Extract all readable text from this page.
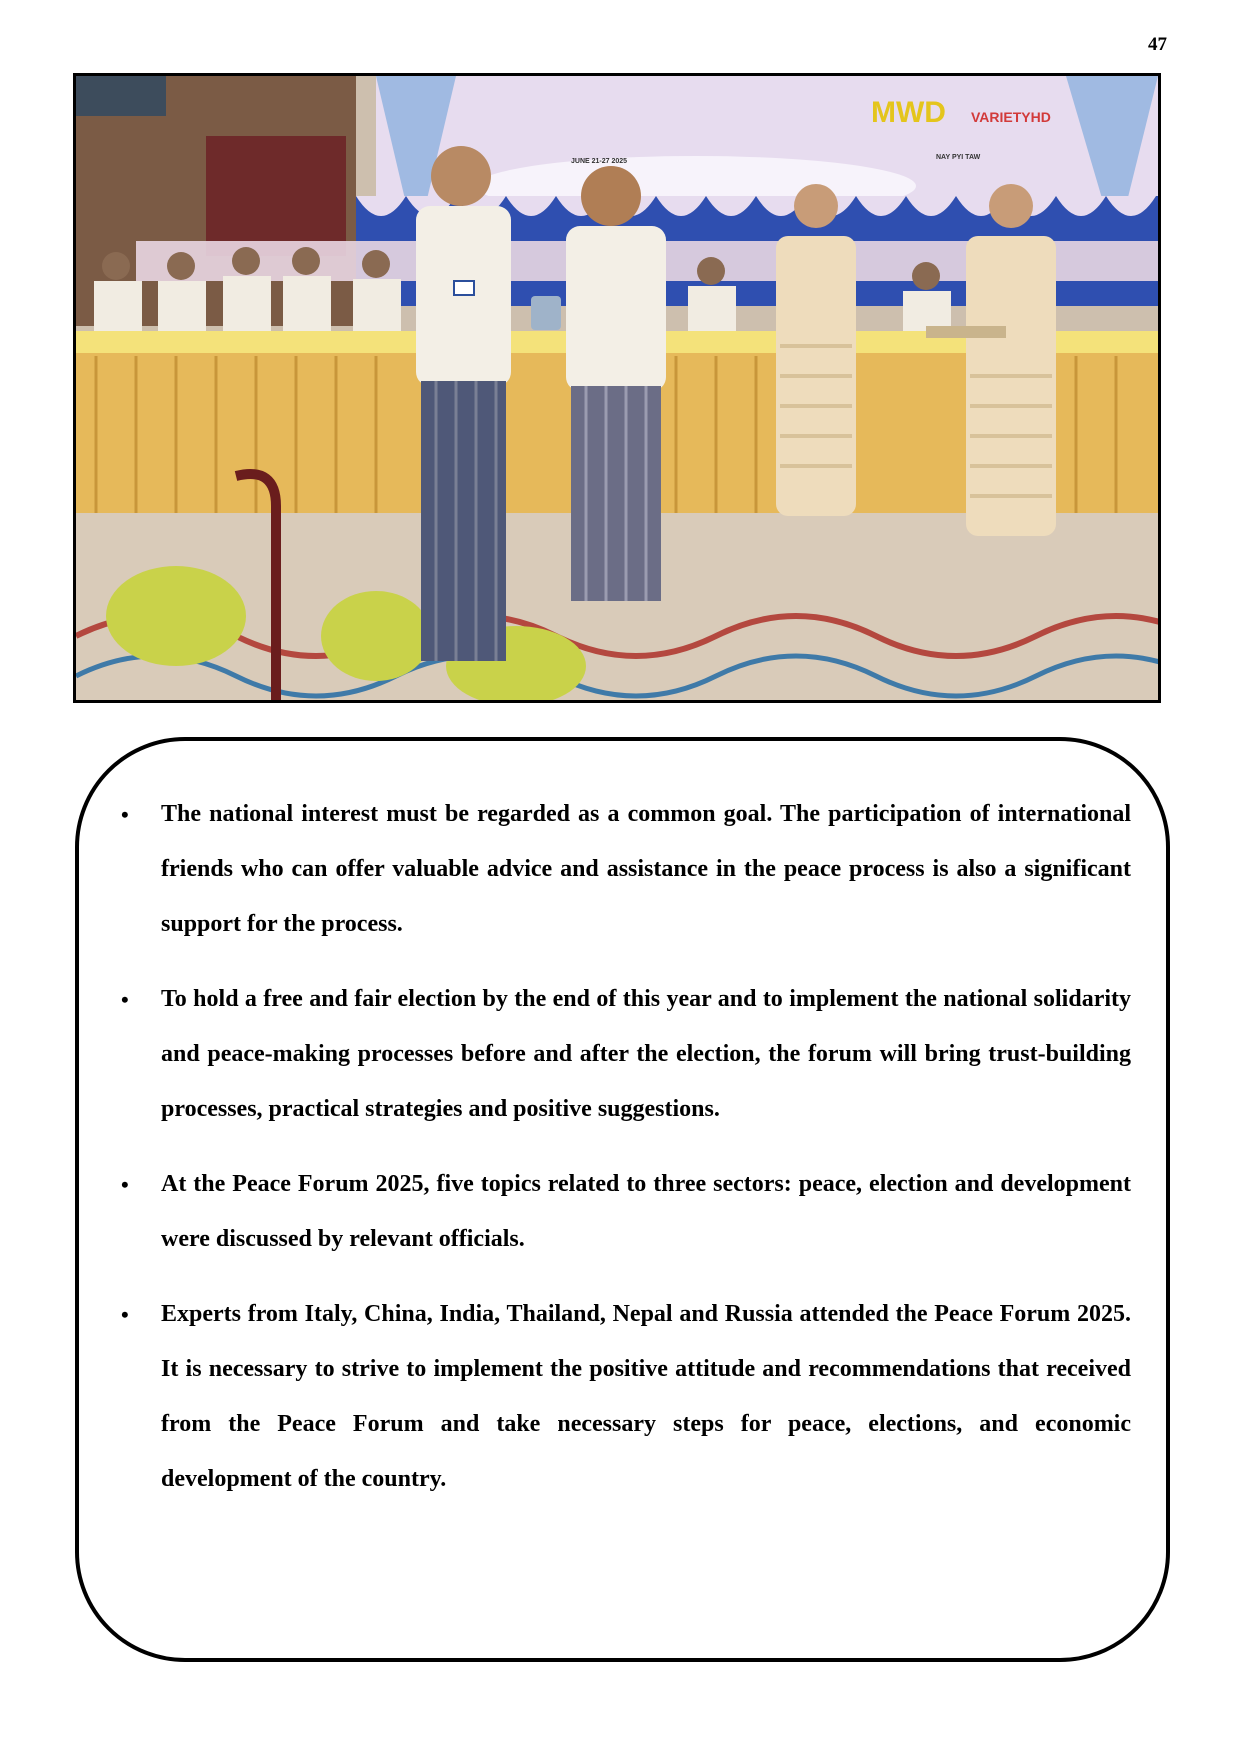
47
JUNE 21-27 2025
NAY PYI TAW
MWD VARIETYHD
•	The national interest must be regarded as a common goal. The participation of international friends who can offer valuable advice and assistance in the peace process is also a significant support for the process.
•	To hold a free and fair election by the end of this year and to implement the national solidarity and peace-making processes before and after the election, the forum will bring trust-building processes, practical strategies and positive suggestions.
•	At the Peace Forum 2025, five topics related to three sectors: peace, election and development were discussed by relevant officials.
•	Experts from Italy, China, India, Thailand, Nepal and Russia attended the Peace Forum 2025. It is necessary to strive to implement the positive attitude and recommendations that received from the Peace Forum and take necessary steps for peace, elections, and economic development of the country.
